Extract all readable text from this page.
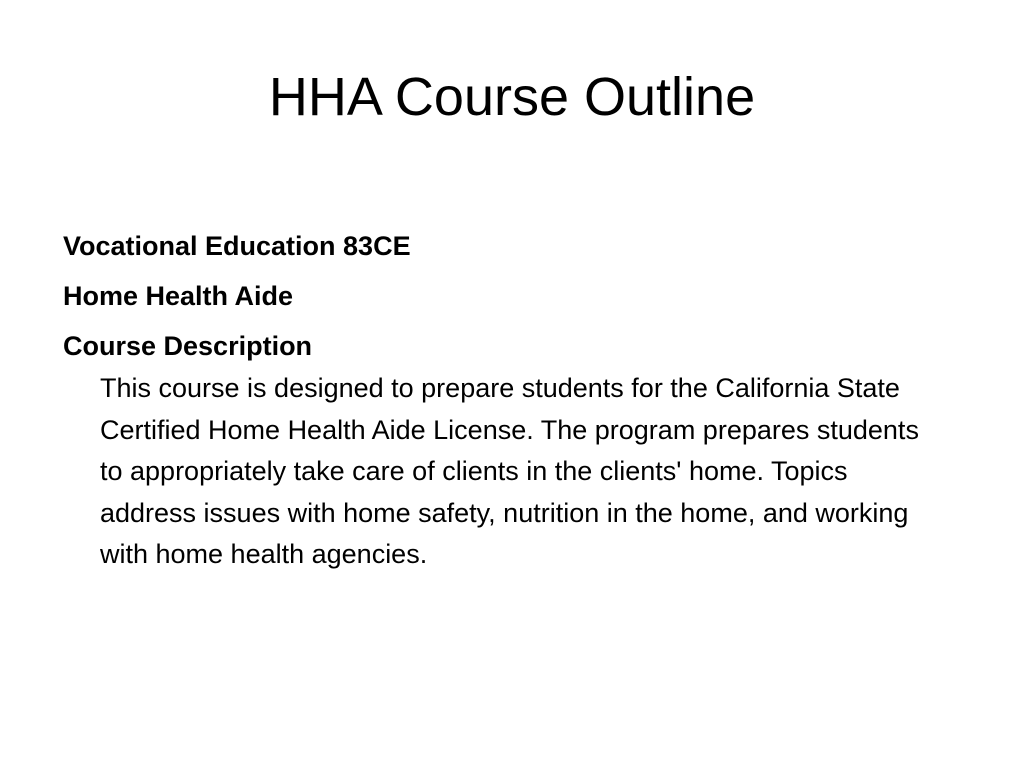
HHA Course Outline

Vocational Education 83CE

Home Health Aide

Course Description

This course is designed to prepare students for the California State Certified Home Health Aide License. The program prepares students to appropriately take care of clients in the clients' home. Topics address issues with home safety, nutrition in the home, and working with home health agencies.
